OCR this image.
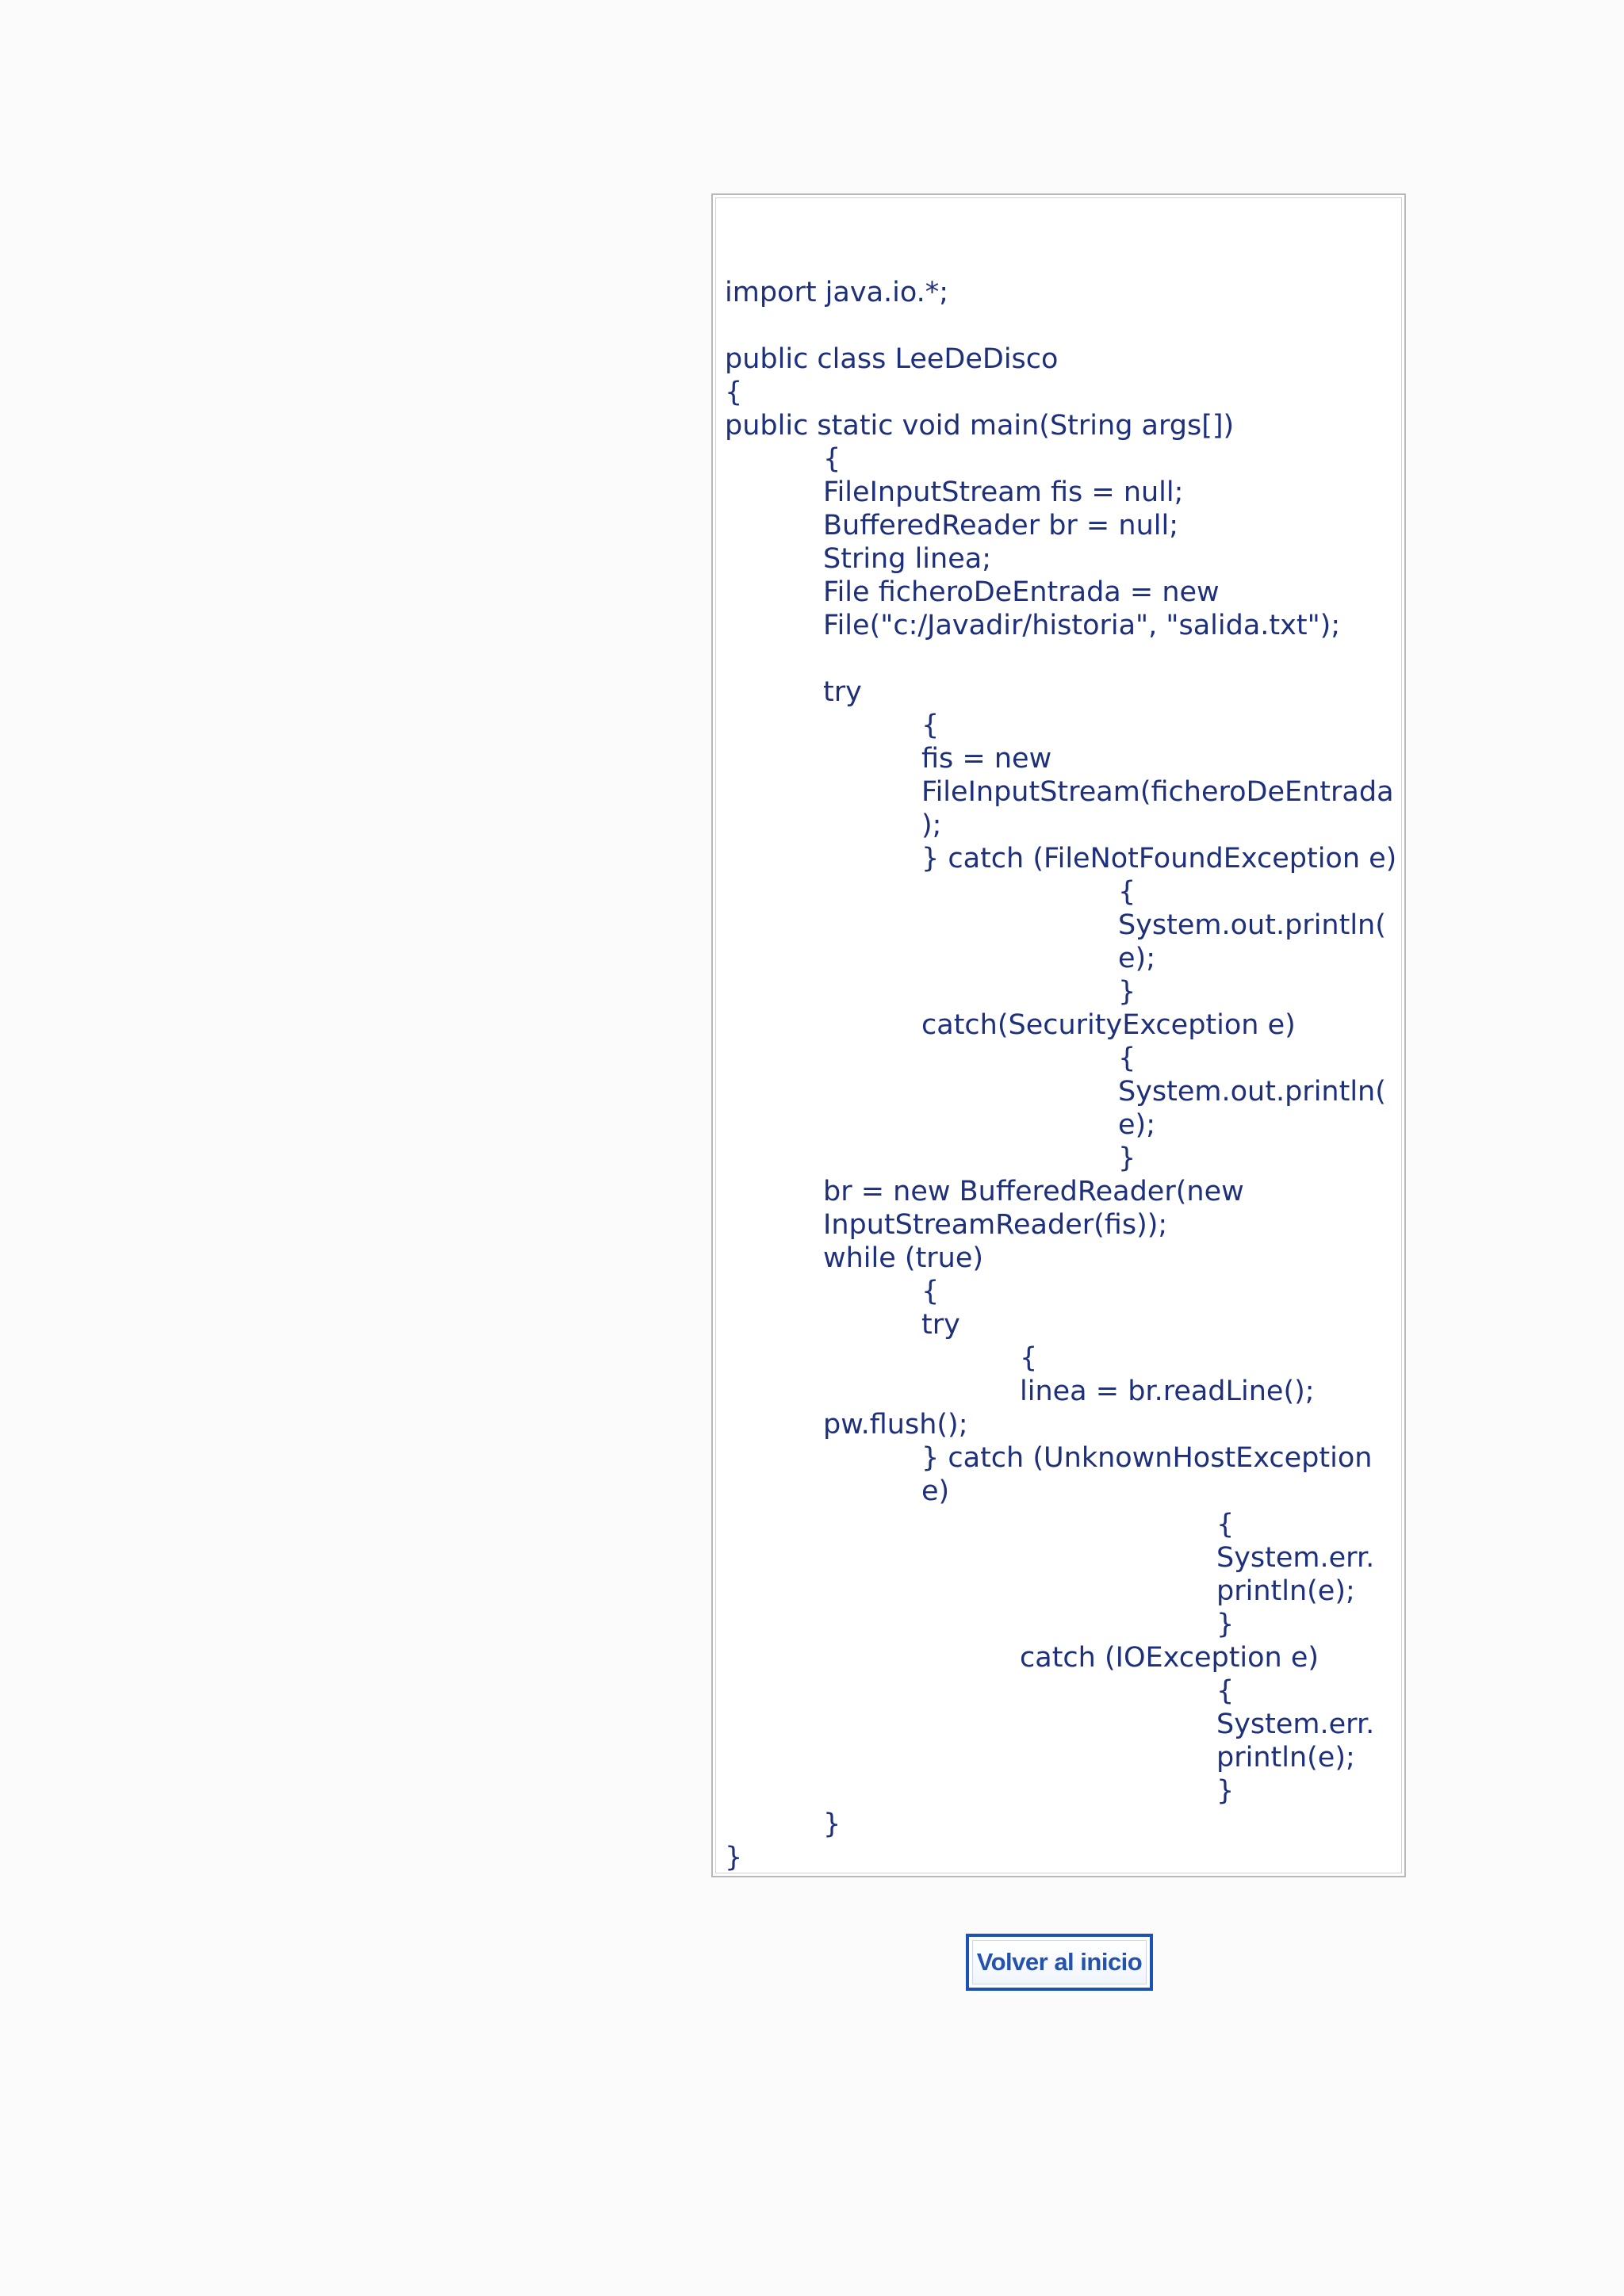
import java.io.*;
public class LeeDeDisco
{
public static void main(String args[])
{
FileInputStream fis = null;
BufferedReader br = null;
String linea;
File ficheroDeEntrada = new
File("c:/Javadir/historia", "salida.txt");
try
{
fis = new
FileInputStream(ficheroDeEntrada
);
} catch (FileNotFoundException e)
{
System.out.println(
e);
}
catch(SecurityException e)
{
System.out.println(
e);
}
br = new BufferedReader(new
InputStreamReader(fis));
while (true)
{
try
{
linea = br.readLine();
pw.flush();
} catch (UnknownHostException
e)
{
System.err.
println(e);
}
catch (IOException e)
{
System.err.
println(e);
}
}
}
Volver al inicio
